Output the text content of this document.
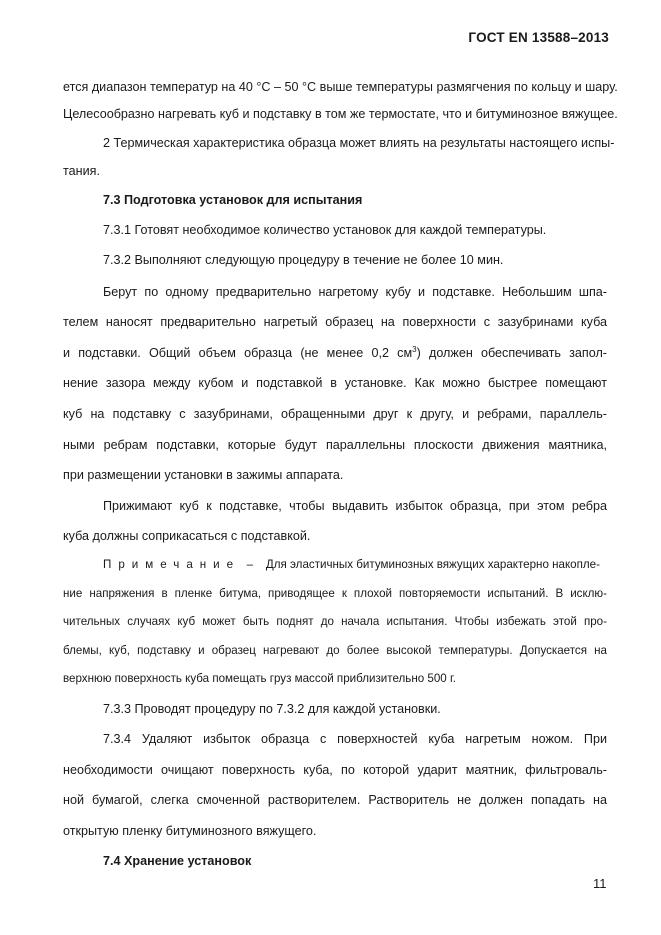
ГОСТ EN 13588–2013
ется диапазон температур на 40 °С – 50 °С выше температуры размягчения по кольцу и шару.
Целесообразно нагревать куб и подставку в том же термостате, что и битуминозное вяжущее.
2 Термическая характеристика образца может влиять на результаты настоящего испы-
тания.
7.3 Подготовка установок для испытания
7.3.1 Готовят необходимое количество установок для каждой температуры.
7.3.2 Выполняют следующую процедуру в течение не более 10 мин.
Берут по одному предварительно нагретому кубу и подставке. Небольшим шпа-
телем наносят предварительно нагретый образец на поверхности с зазубринами куба
и подставки. Общий объем образца (не менее 0,2 $см^3$) должен обеспечивать запол-
нение зазора между кубом и подставкой в установке. Как можно быстрее помещают
куб на подставку с зазубринами, обращенными друг к другу, и ребрами, параллель-
ными ребрам подставки, которые будут параллельны плоскости движения маятника,
при размещении установки в зажимы аппарата.
Прижимают куб к подставке, чтобы выдавить избыток образца, при этом ребра
куба должны соприкасаться с подставкой.
Примечание – Для эластичных битуминозных вяжущих характерно накопле-
ние напряжения в пленке битума, приводящее к плохой повторяемости испытаний. В исклю-
чительных случаях куб может быть поднят до начала испытания. Чтобы избежать этой про-
блемы, куб, подставку и образец нагревают до более высокой температуры. Допускается на
верхнюю поверхность куба помещать груз массой приблизительно 500 г.
7.3.3 Проводят процедуру по 7.3.2 для каждой установки.
7.3.4 Удаляют избыток образца с поверхностей куба нагретым ножом. При
необходимости очищают поверхность куба, по которой ударит маятник, фильтроваль-
ной бумагой, слегка смоченной растворителем. Растворитель не должен попадать на
открытую пленку битуминозного вяжущего.
7.4 Хранение установок
11
